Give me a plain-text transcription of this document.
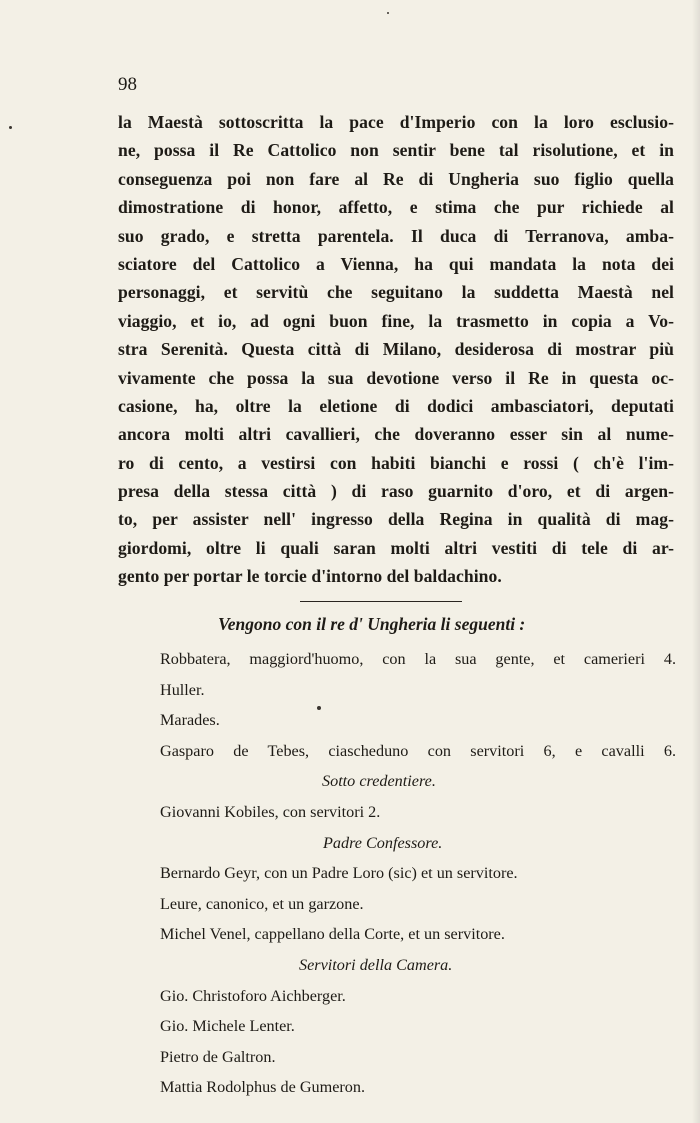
98
la Maestà sottoscritta la pace d'Imperio con la loro esclusio-
ne, possa il Re Cattolico non sentir bene tal risolutione, et in
conseguenza poi non fare al Re di Ungheria suo figlio quella
dimostratione di honor, affetto, e stima che pur richiede al
suo grado, e stretta parentela. Il duca di Terranova, amba-
sciatore del Cattolico a Vienna, ha qui mandata la nota dei
personaggi, et servitù che seguitano la suddetta Maestà nel
viaggio, et io, ad ogni buon fine, la trasmetto in copia a Vo-
stra Serenità. Questa città di Milano, desiderosa di mostrar più
vivamente che possa la sua devotione verso il Re in questa oc-
casione, ha, oltre la eletione di dodici ambasciatori, deputati
ancora molti altri cavallieri, che doveranno esser sin al nume-
ro di cento, a vestirsi con habiti bianchi e rossi ( ch'è l'im-
presa della stessa città ) di raso guarnito d'oro, et di argen-
to, per assister nell' ingresso della Regina in qualità di mag-
giordomi, oltre li quali saran molti altri vestiti di tele di ar-
gento per portar le torcie d'intorno del baldachino.
Vengono con il re d' Ungheria li seguenti :
Robbatera, maggiord'huomo, con la sua gente, et camerieri 4.
Huller.
Marades.
Gasparo de Tebes, ciascheduno con servitori 6, e cavalli 6.
Sotto credentiere.
Giovanni Kobiles, con servitori 2.
Padre Confessore.
Bernardo Geyr, con un Padre Loro (sic) et un servitore.
Leure, canonico, et un garzone.
Michel Venel, cappellano della Corte, et un servitore.
Servitori della Camera.
Gio. Christoforo Aichberger.
Gio. Michele Lenter.
Pietro de Galtron.
Mattia Rodolphus de Gumeron.
